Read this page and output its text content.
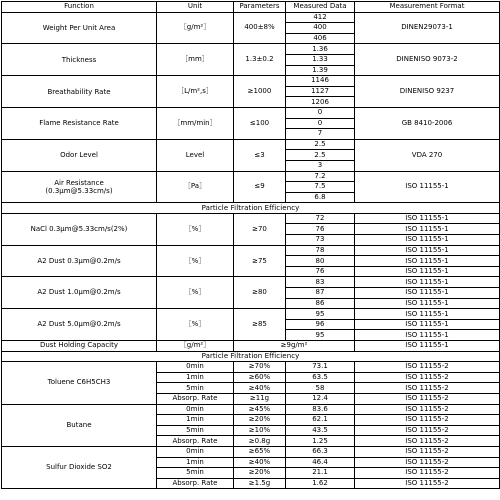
Function	Unit	Parameters	Measured Data	Measurement Format
Weight Per Unit Area	［g/m²］	400±8%	412	DINEN29073-1
			400	
			406	
Thickness	［mm］	1.3±0.2	1.36	DINENISO 9073-2
			1.33	
			1.39	
Breathability Rate	［L/m²,s］	≥1000	1146	DINENISO 9237
			1127	
			1206	
Flame Resistance Rate	［mm/min］	≤100	0	GB 8410-2006
			0	
			7	
Odor Level	Level	≤3	2.5	VDA 270
			2.5	
			3	
Air Resistance
(0.3μm@5.33cm/s)	［Pa］	≤9	7.2	ISO 11155-1
			7.5	
			6.8	
Particle Filtration Efficiency				
NaCl 0.3μm@5.33cm/s(2%)	［%］	≥70	72	ISO 11155-1
			76	ISO 11155-1
			73	ISO 11155-1
A2 Dust 0.3μm@0.2m/s	［%］	≥75	78	ISO 11155-1
			80	ISO 11155-1
			76	ISO 11155-1
A2 Dust 1.0μm@0.2m/s	［%］	≥80	83	ISO 11155-1
			87	ISO 11155-1
			86	ISO 11155-1
A2 Dust 5.0μm@0.2m/s	［%］	≥85	95	ISO 11155-1
			96	ISO 11155-1
			95	ISO 11155-1
Dust Holding Capacity	［g/m²］	≥9g/m²		ISO 11155-1
Particle Filtration Efficiency				
Toluene C6H5CH3	0min	≥70%	73.1	ISO 11155-2
	1min	≥60%	63.5	ISO 11155-2
	5min	≥40%	58	ISO 11155-2
	Absorp. Rate	≥11g	12.4	ISO 11155-2
Butane	0min	≥45%	83.6	ISO 11155-2
	1min	≥20%	62.1	ISO 11155-2
	5min	≥10%	43.5	ISO 11155-2
	Absorp. Rate	≥0.8g	1.25	ISO 11155-2
Sulfur Dioxide SO2	0min	≥65%	66.3	ISO 11155-2
	1min	≥40%	46.4	ISO 11155-2
	5min	≥20%	21.1	ISO 11155-2
	Absorp. Rate	≥1.5g	1.62	ISO 11155-2
